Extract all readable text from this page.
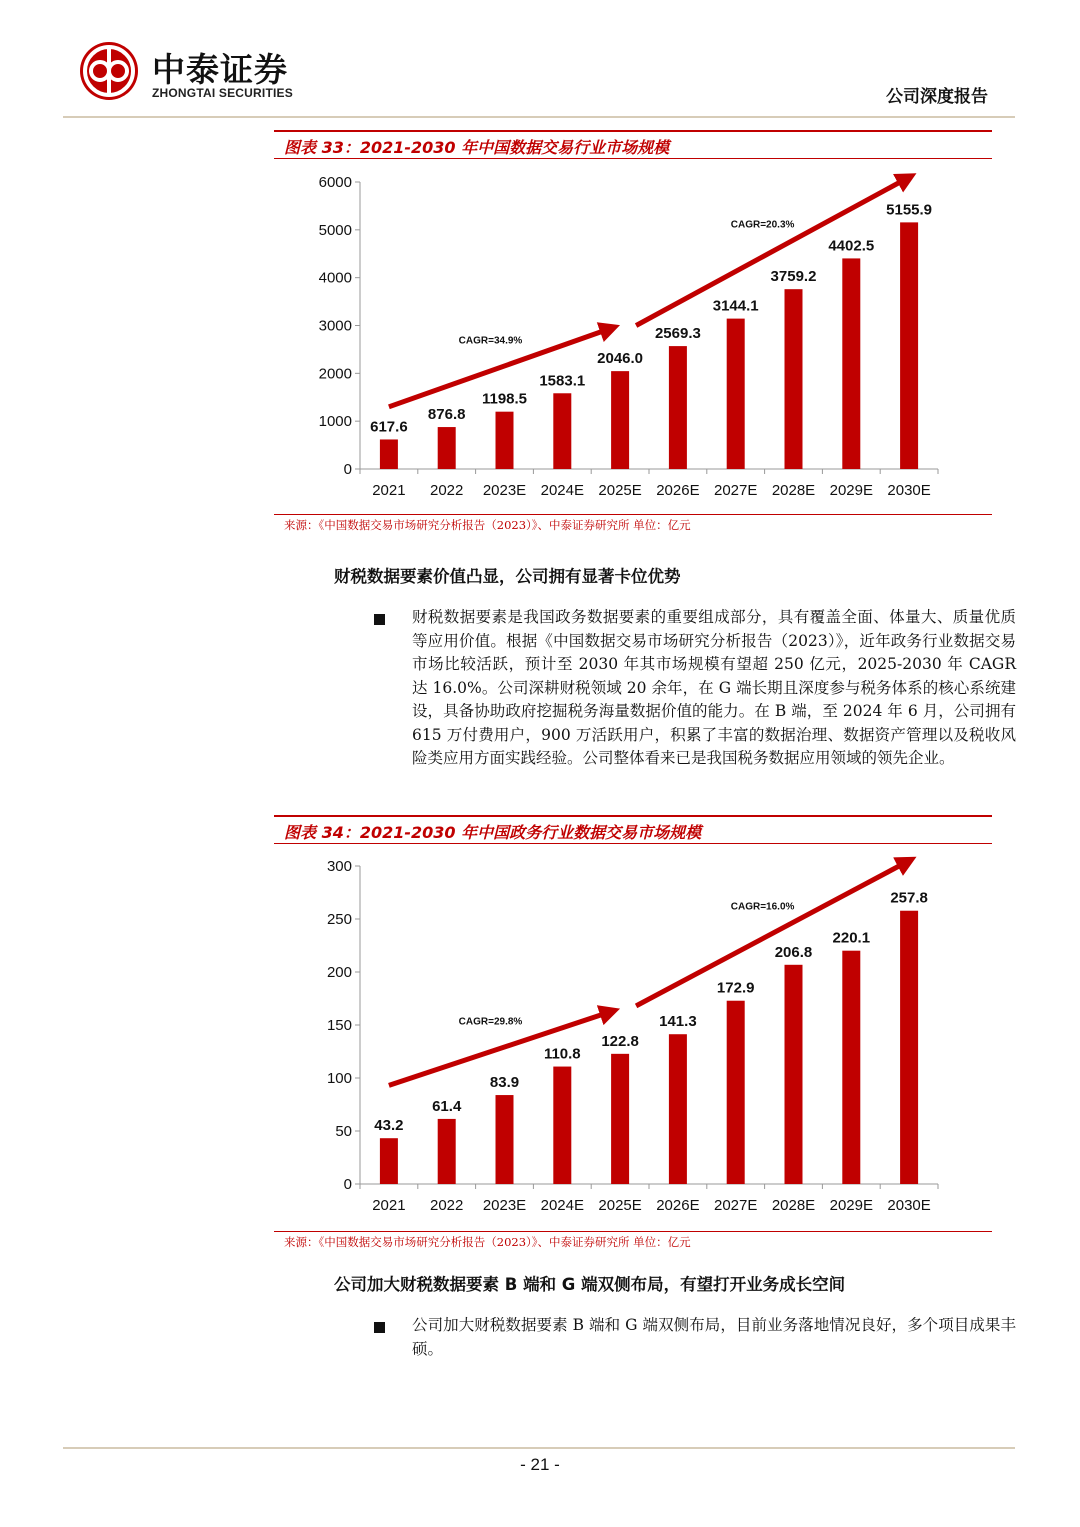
中泰证券
ZHONGTAI SECURITIES	公司深度报告
图表 33：2021-2030 年中国数据交易行业市场规模
0
1000
2000
3000
4000
5000
6000
617.6
2021
876.8
2022
1198.5
2023E
1583.1
2024E
2046.0
2025E
2569.3
2026E
3144.1
2027E
3759.2
2028E
4402.5
2029E
5155.9
2030E
CAGR=34.9%
CAGR=20.3%
来源：《中国数据交易市场研究分析报告（2023）》、中泰证券研究所 单位：亿元
财税数据要素价值凸显，公司拥有显著卡位优势
财税数据要素是我国政务数据要素的重要组成部分，具有覆盖全面、体量大、质量优质等应用价值。根据《中国数据交易市场研究分析报告（2023）》，近年政务行业数据交易市场比较活跃，预计至 2030 年其市场规模有望超 250 亿元，2025-2030 年 CAGR 达 16.0%。公司深耕财税领域 20 余年，在 G 端长期且深度参与税务体系的核心系统建设，具备协助政府挖掘税务海量数据价值的能力。在 B 端，至 2024 年 6 月，公司拥有 615 万付费用户，900 万活跃用户，积累了丰富的数据治理、数据资产管理以及税收风险类应用方面实践经验。公司整体看来已是我国税务数据应用领域的领先企业。
图表 34：2021-2030 年中国政务行业数据交易市场规模
0
50
100
150
200
250
300
43.2
2021
61.4
2022
83.9
2023E
110.8
2024E
122.8
2025E
141.3
2026E
172.9
2027E
206.8
2028E
220.1
2029E
257.8
2030E
CAGR=29.8%
CAGR=16.0%
来源：《中国数据交易市场研究分析报告（2023）》、中泰证券研究所 单位：亿元
公司加大财税数据要素 B 端和 G 端双侧布局，有望打开业务成长空间
公司加大财税数据要素 B 端和 G 端双侧布局，目前业务落地情况良好，多个项目成果丰硕。
- 21 -
